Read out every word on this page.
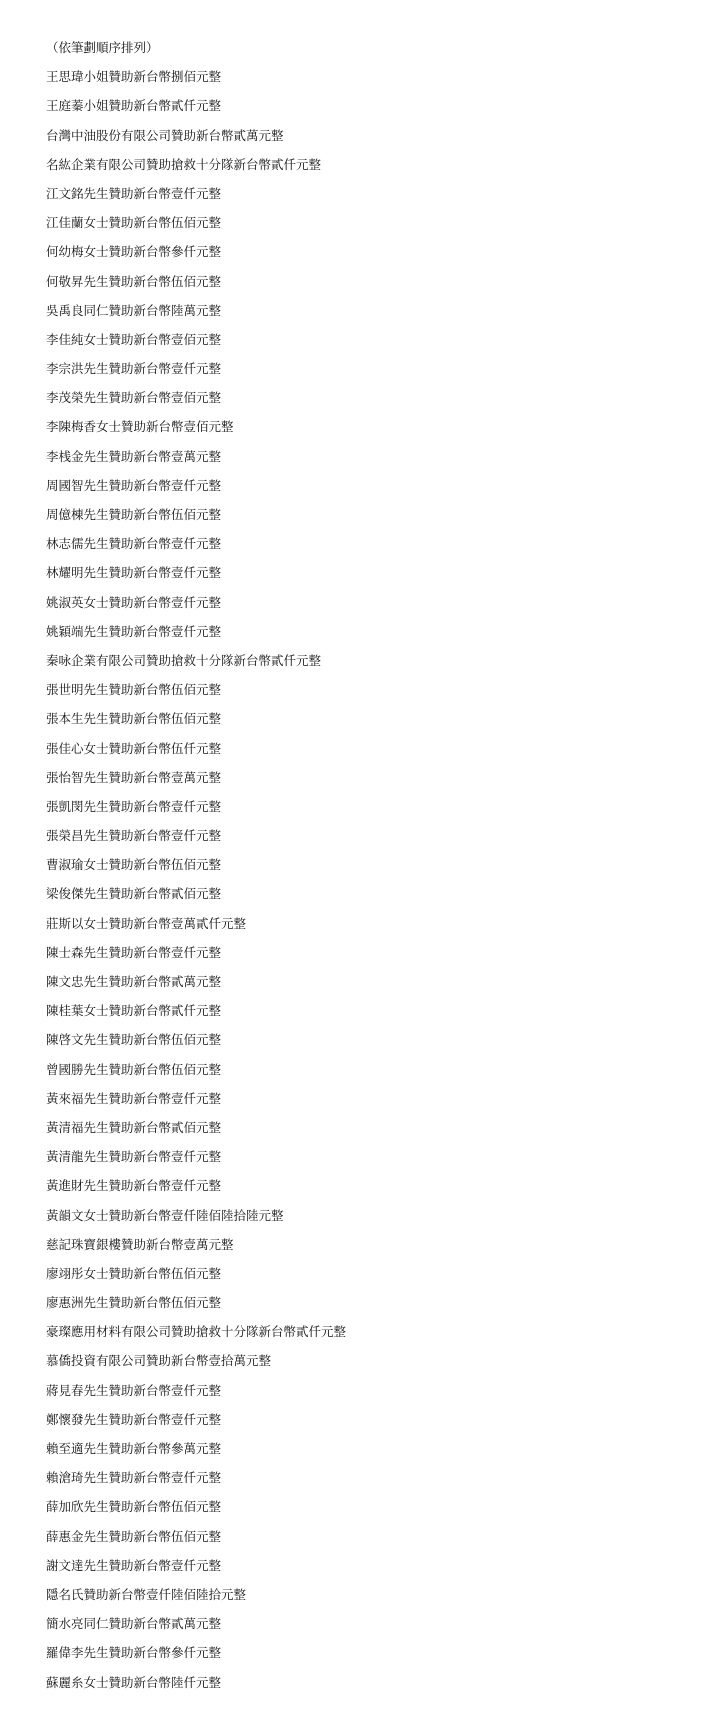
（依筆劃順序排列）

王思瑋小姐贊助新台幣捌佰元整
王庭蓁小姐贊助新台幣貳仟元整
台灣中油股份有限公司贊助新台幣貳萬元整
名紘企業有限公司贊助搶救十分隊新台幣貳仟元整
江文銘先生贊助新台幣壹仟元整
江佳蘭女士贊助新台幣伍佰元整
何幼梅女士贊助新台幣參仟元整
何敬昇先生贊助新台幣伍佰元整
吳禹良同仁贊助新台幣陸萬元整
李佳純女士贊助新台幣壹佰元整
李宗洪先生贊助新台幣壹仟元整
李茂榮先生贊助新台幣壹佰元整
李陳梅香女士贊助新台幣壹佰元整
李桟金先生贊助新台幣壹萬元整
周國智先生贊助新台幣壹仟元整
周億棟先生贊助新台幣伍佰元整
林志儒先生贊助新台幣壹仟元整
林耀明先生贊助新台幣壹仟元整
姚淑英女士贊助新台幣壹仟元整
姚穎端先生贊助新台幣壹仟元整
秦咏企業有限公司贊助搶救十分隊新台幣貳仟元整
張世明先生贊助新台幣伍佰元整
張本生先生贊助新台幣伍佰元整
張佳心女士贊助新台幣伍仟元整
張怡智先生贊助新台幣壹萬元整
張凱閔先生贊助新台幣壹仟元整
張榮昌先生贊助新台幣壹仟元整
曹淑瑜女士贊助新台幣伍佰元整
梁俊傑先生贊助新台幣貳佰元整
莊斯以女士贊助新台幣壹萬貳仟元整
陳士森先生贊助新台幣壹仟元整
陳文忠先生贊助新台幣貳萬元整
陳桂葉女士贊助新台幣貳仟元整
陳啓文先生贊助新台幣伍佰元整
曾國勝先生贊助新台幣伍佰元整
黃來福先生贊助新台幣壹仟元整
黃清福先生贊助新台幣貳佰元整
黃清龍先生贊助新台幣壹仟元整
黃進財先生贊助新台幣壹仟元整
黃韻文女士贊助新台幣壹仟陸佰陸拾陸元整
慈記珠寶銀樓贊助新台幣壹萬元整
廖翊彤女士贊助新台幣伍佰元整
廖惠洲先生贊助新台幣伍佰元整
豪璨應用材料有限公司贊助搶救十分隊新台幣貳仟元整
慕僑投資有限公司贊助新台幣壹拾萬元整
蔣見春先生贊助新台幣壹仟元整
鄭懷發先生贊助新台幣壹仟元整
賴至適先生贊助新台幣參萬元整
賴滄琦先生贊助新台幣壹仟元整
薛加欣先生贊助新台幣伍佰元整
薛惠金先生贊助新台幣伍佰元整
謝文達先生贊助新台幣壹仟元整
隱名氏贊助新台幣壹仟陸佰陸拾元整
簡水亮同仁贊助新台幣貳萬元整
羅偉李先生贊助新台幣參仟元整
蘇麗糸女士贊助新台幣陸仟元整
